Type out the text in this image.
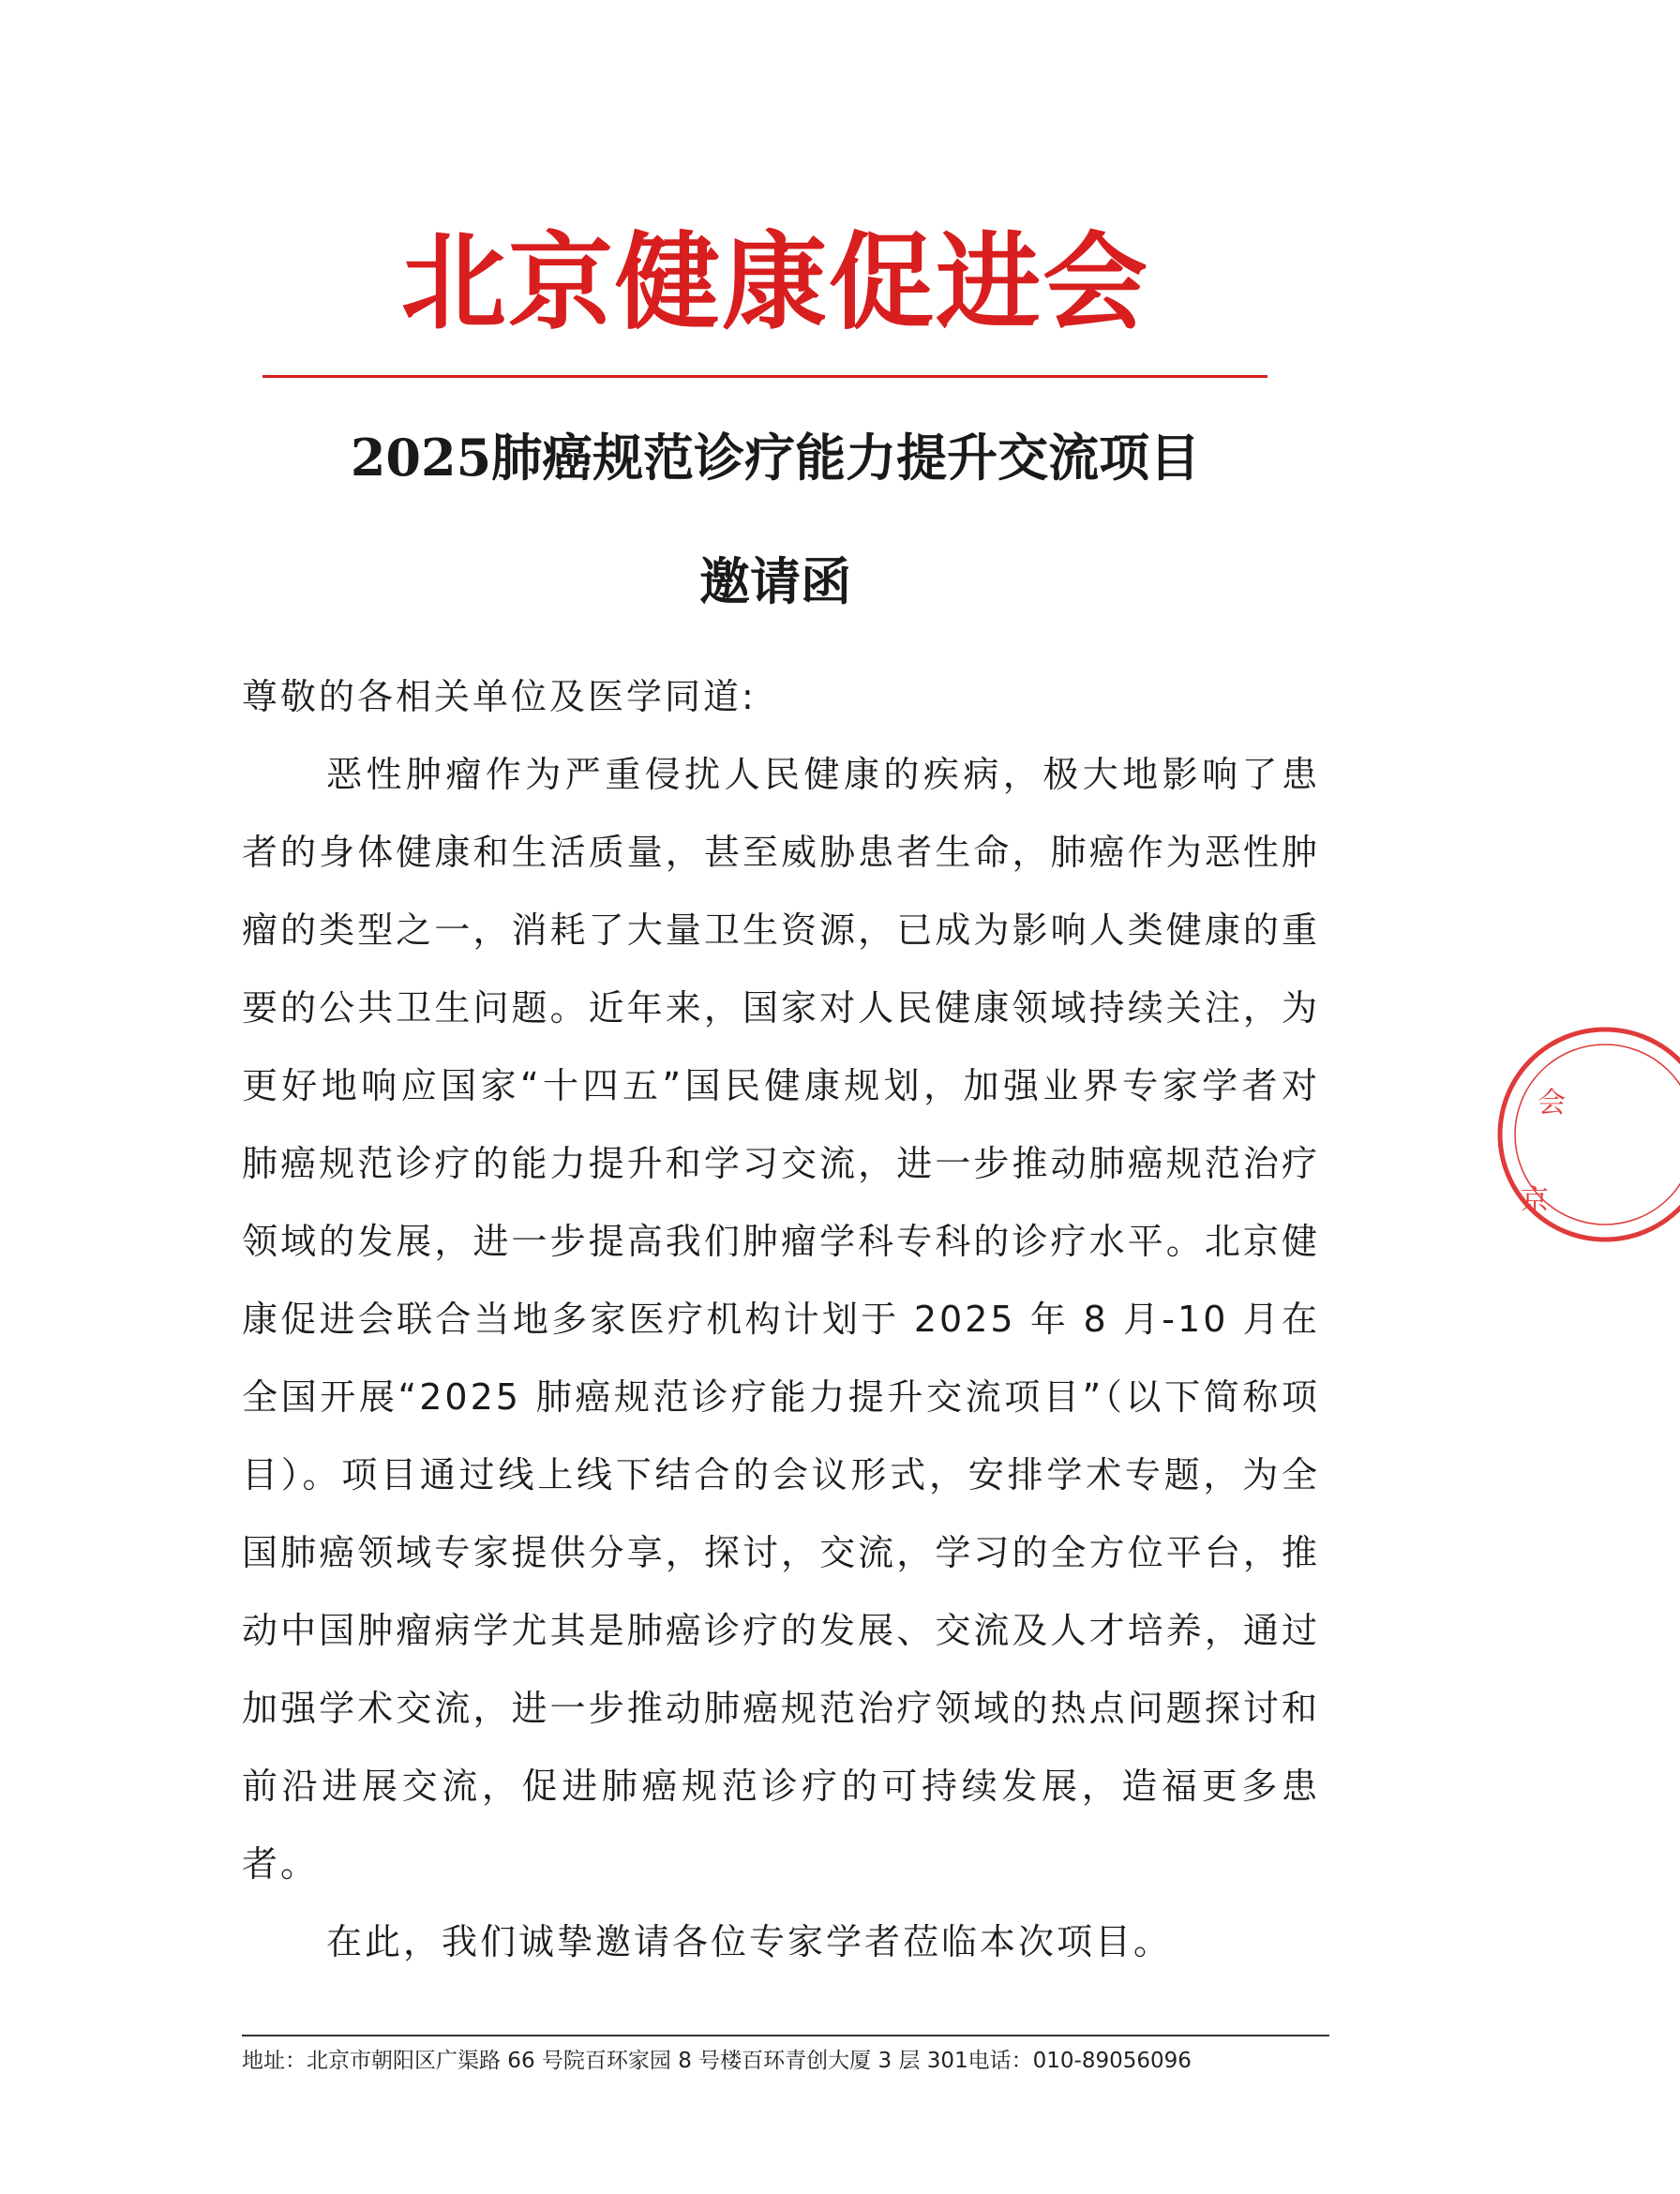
北京健康促进会
2025肺癌规范诊疗能力提升交流项目
邀请函

尊敬的各相关单位及医学同道:

恶性肿瘤作为严重侵扰人民健康的疾病，极大地影响了患者的身体健康和生活质量，甚至威胁患者生命，肺癌作为恶性肿瘤的类型之一，消耗了大量卫生资源，已成为影响人类健康的重要的公共卫生问题。近年来，国家对人民健康领域持续关注，为更好地响应国家“十四五”国民健康规划，加强业界专家学者对肺癌规范诊疗的能力提升和学习交流，进一步推动肺癌规范治疗领域的发展，进一步提高我们肿瘤学科专科的诊疗水平。北京健康促进会联合当地多家医疗机构计划于 2025 年 8 月-10 月在全国开展“2025 肺癌规范诊疗能力提升交流项目”（以下简称项目）。项目通过线上线下结合的会议形式，安排学术专题，为全国肺癌领域专家提供分享，探讨，交流，学习的全方位平台，推动中国肿瘤病学尤其是肺癌诊疗的发展、交流及人才培养，通过加强学术交流，进一步推动肺癌规范治疗领域的热点问题探讨和前沿进展交流，促进肺癌规范诊疗的可持续发展，造福更多患者。

在此，我们诚挚邀请各位专家学者莅临本次项目。

会
京
地址：北京市朝阳区广渠路 66 号院百环家园 8 号楼百环青创大厦 3 层 301电话：010-89056096
